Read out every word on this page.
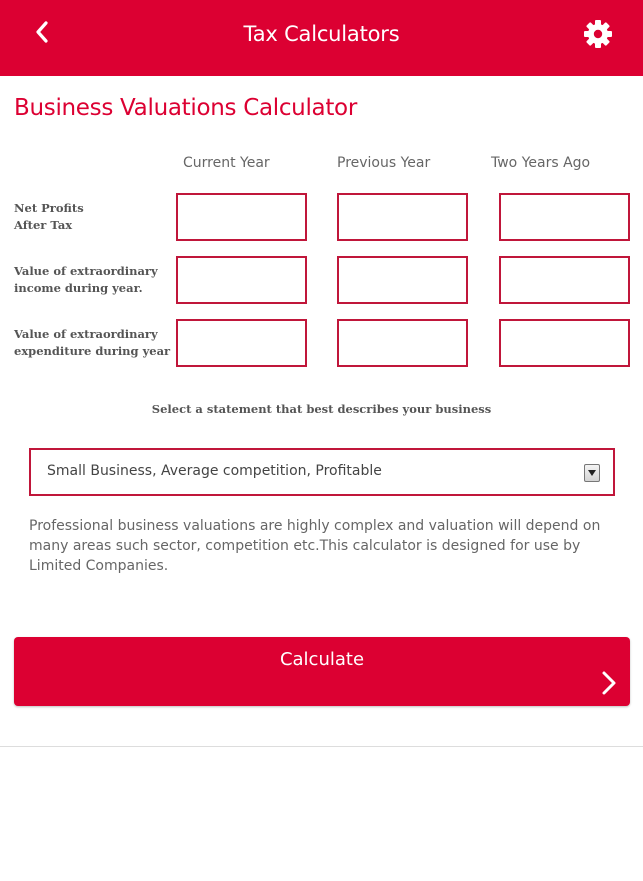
Tax Calculators
Business Valuations Calculator
Current Year	Previous Year	Two Years Ago
Net Profits
After Tax
Value of extraordinary
income during year.
Value of extraordinary
expenditure during year
Select a statement that best describes your business
Small Business, Average competition, Profitable
Professional business valuations are highly complex and valuation will depend on many areas such sector, competition etc.This calculator is designed for use by Limited Companies.
Calculate
